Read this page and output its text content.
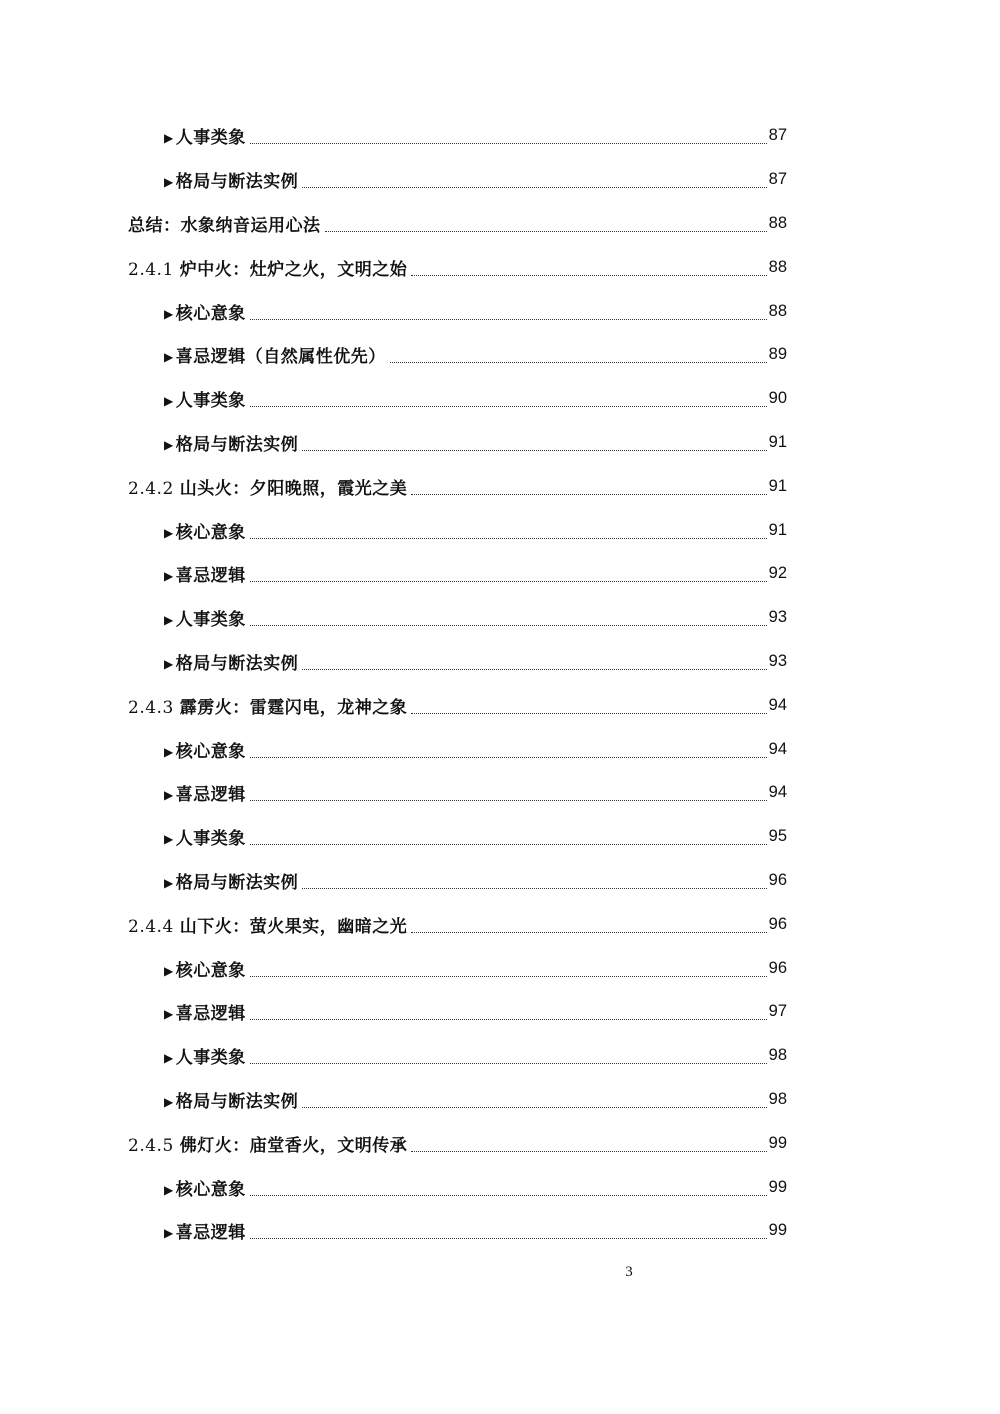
▶ 人事类象	87
▶ 格局与断法实例	87
总结：水象纳音运用心法	88
2.4.1 炉中火：灶炉之火，文明之始	88
▶ 核心意象	88
▶ 喜忌逻辑（自然属性优先）	89
▶ 人事类象	90
▶ 格局与断法实例	91
2.4.2 山头火：夕阳晚照，霞光之美	91
▶ 核心意象	91
▶ 喜忌逻辑	92
▶ 人事类象	93
▶ 格局与断法实例	93
2.4.3 霹雳火：雷霆闪电，龙神之象	94
▶ 核心意象	94
▶ 喜忌逻辑	94
▶ 人事类象	95
▶ 格局与断法实例	96
2.4.4 山下火：萤火果实，幽暗之光	96
▶ 核心意象	96
▶ 喜忌逻辑	97
▶ 人事类象	98
▶ 格局与断法实例	98
2.4.5 佛灯火：庙堂香火，文明传承	99
▶ 核心意象	99
▶ 喜忌逻辑	99
3
